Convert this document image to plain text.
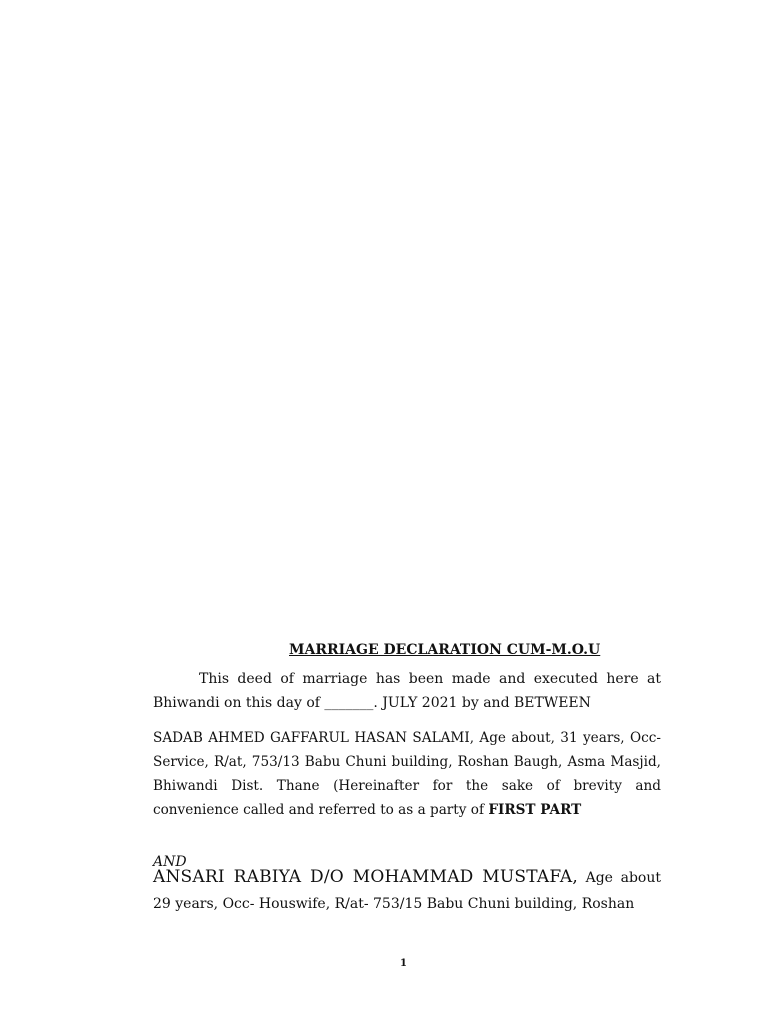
MARRIAGE DECLARATION CUM-M.O.U
This deed of marriage has been made and executed here at Bhiwandi on this day of _______. JULY 2021 by and BETWEEN
SADAB AHMED GAFFARUL HASAN SALAMI, Age about, 31 years, Occ- Service, R/at, 753/13 Babu Chuni building, Roshan Baugh, Asma Masjid, Bhiwandi Dist. Thane (Hereinafter for the sake of brevity and convenience called and referred to as a party of FIRST PART
AND
ANSARI RABIYA D/O MOHAMMAD MUSTAFA, Age about 29 years, Occ- Houswife, R/at- 753/15 Babu Chuni building, Roshan
1
